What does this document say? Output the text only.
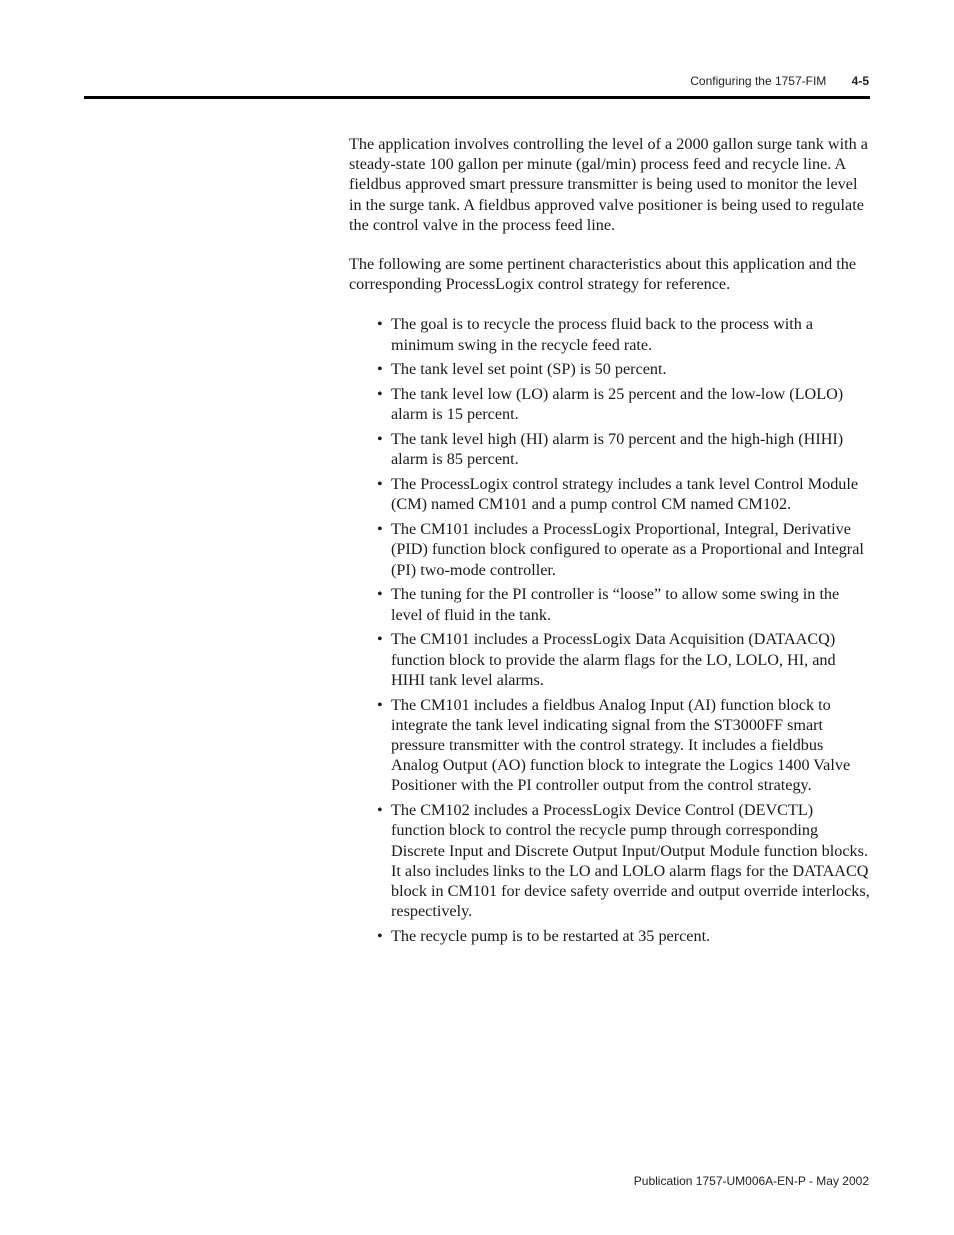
Configuring the 1757-FIM 4-5

The application involves controlling the level of a 2000 gallon surge tank with a steady-state 100 gallon per minute (gal/min) process feed and recycle line. A fieldbus approved smart pressure transmitter is being used to monitor the level in the surge tank. A fieldbus approved valve positioner is being used to regulate the control valve in the process feed line.

The following are some pertinent characteristics about this application and the corresponding ProcessLogix control strategy for reference.

• The goal is to recycle the process fluid back to the process with a minimum swing in the recycle feed rate.
• The tank level set point (SP) is 50 percent.
• The tank level low (LO) alarm is 25 percent and the low-low (LOLO) alarm is 15 percent.
• The tank level high (HI) alarm is 70 percent and the high-high (HIHI) alarm is 85 percent.
• The ProcessLogix control strategy includes a tank level Control Module (CM) named CM101 and a pump control CM named CM102.
• The CM101 includes a ProcessLogix Proportional, Integral, Derivative (PID) function block configured to operate as a Proportional and Integral (PI) two-mode controller.
• The tuning for the PI controller is “loose” to allow some swing in the level of fluid in the tank.
• The CM101 includes a ProcessLogix Data Acquisition (DATAACQ) function block to provide the alarm flags for the LO, LOLO, HI, and HIHI tank level alarms.
• The CM101 includes a fieldbus Analog Input (AI) function block to integrate the tank level indicating signal from the ST3000FF smart pressure transmitter with the control strategy. It includes a fieldbus Analog Output (AO) function block to integrate the Logics 1400 Valve Positioner with the PI controller output from the control strategy.
• The CM102 includes a ProcessLogix Device Control (DEVCTL) function block to control the recycle pump through corresponding Discrete Input and Discrete Output Input/Output Module function blocks. It also includes links to the LO and LOLO alarm flags for the DATAACQ block in CM101 for device safety override and output override interlocks, respectively.
• The recycle pump is to be restarted at 35 percent.
Publication 1757-UM006A-EN-P - May 2002
